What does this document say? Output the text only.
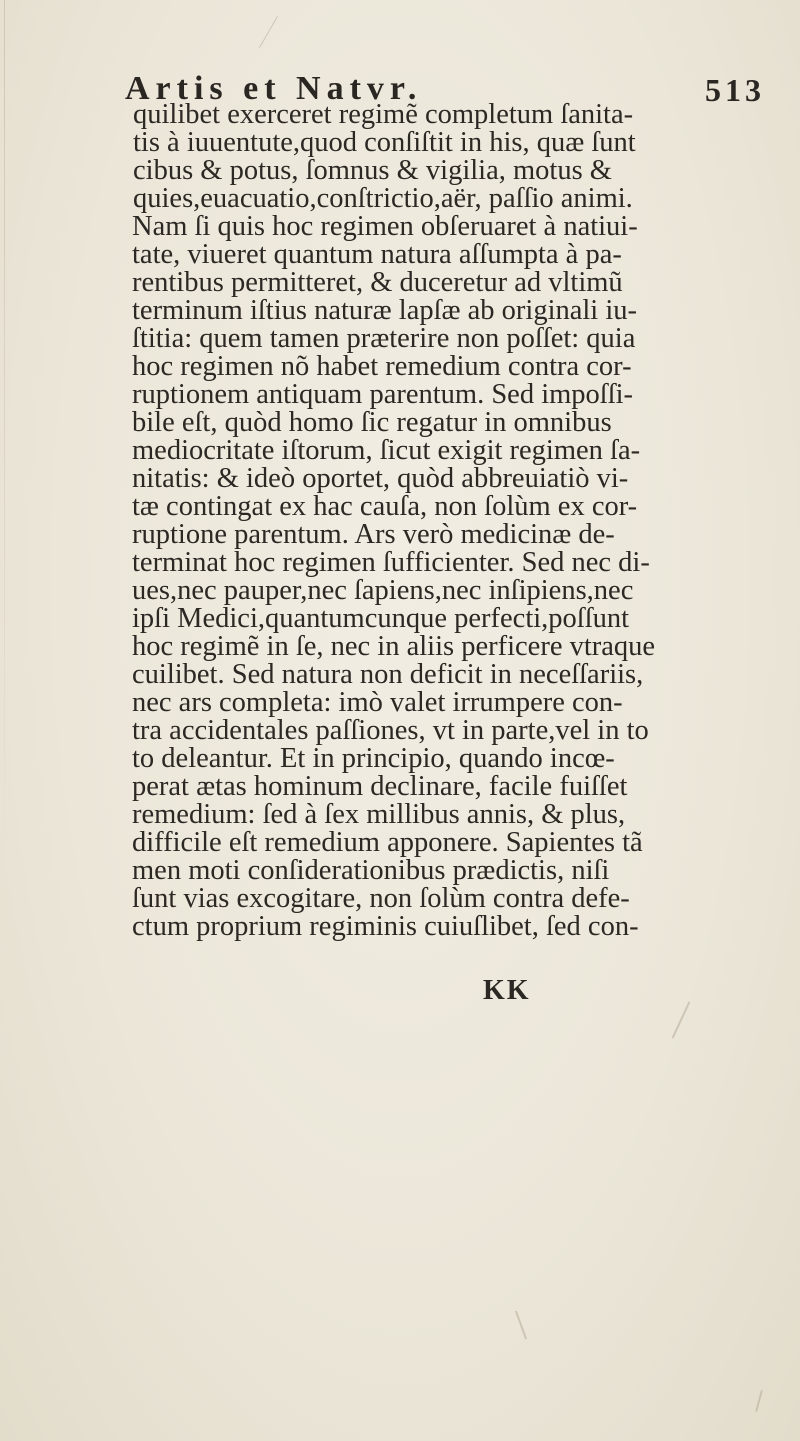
Artis et Natvr.	513
quilibet exerceret regimẽ completum ſanita-
tis à iuuentute,quod conſiſtit in his, quæ ſunt
cibus & potus, ſomnus & vigilia, motus &
quies,euacuatio,conſtrictio,aër, paſſio animi.
Nam ſi quis hoc regimen obſeruaret à natiui-
tate, viueret quantum natura aſſumpta à pa-
rentibus permitteret, & duceretur ad vltimũ
terminum iſtius naturæ lapſæ ab originali iu-
ſtitia: quem tamen præterire non poſſet: quia
hoc regimen nõ habet remedium contra cor-
ruptionem antiquam parentum. Sed impoſſi-
bile eſt, quòd homo ſic regatur in omnibus
mediocritate iſtorum, ſicut exigit regimen ſa-
nitatis: & ideò oportet, quòd abbreuiatiò vi-
tæ contingat ex hac cauſa, non ſolùm ex cor-
ruptione parentum. Ars verò medicinæ de-
terminat hoc regimen ſufficienter. Sed nec di-
ues,nec pauper,nec ſapiens,nec inſipiens,nec
ipſi Medici,quantumcunque perfecti,poſſunt
hoc regimẽ in ſe, nec in aliis perficere vtraque
cuilibet. Sed natura non deficit in neceſſariis,
nec ars completa: imò valet irrumpere con-
tra accidentales paſſiones, vt in parte,vel in to
to deleantur. Et in principio, quando incœ-
perat ætas hominum declinare, facile fuiſſet
remedium: ſed à ſex millibus annis, & plus,
difficile eſt remedium apponere. Sapientes tã
men moti conſiderationibus prædictis, niſi
ſunt vias excogitare, non ſolùm contra defe-
ctum proprium regiminis cuiuſlibet, ſed con-
KK
